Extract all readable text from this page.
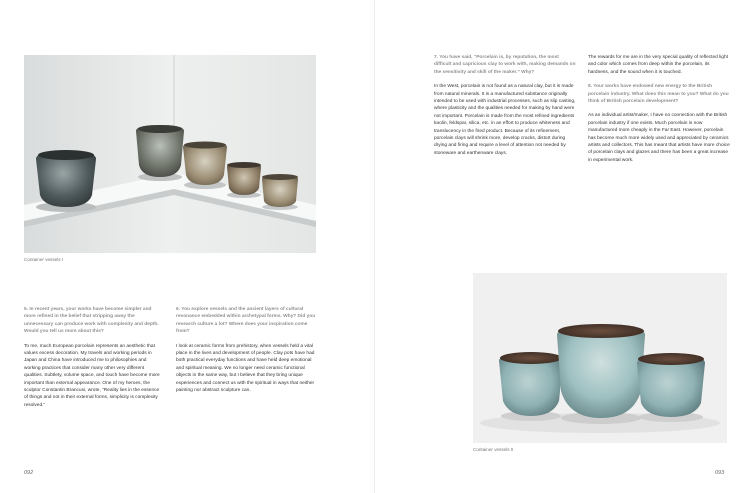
Container vessels I

5. In recent years, your works have become simpler and more refined in the belief that stripping away the unnecessary can produce work with complexity and depth. Would you tell us more about this?

To me, much European porcelain represents an aesthetic that values excess decoration. My travels and working periods in Japan and China have introduced me to philosophies and working practices that consider many other very different qualities. Subtlety, volume space, and touch have become more important than external appearance. One of my heroes, the sculptor Constantin Brancusi, wrote, “Reality lies in the essence of things and not in their external forms, simplicity is complexity resolved.”

6. You explore vessels and the ancient layers of cultural resonance embedded within archetypal forms. Why? Did you research culture a lot? Where does your inspiration come from?

I look at ceramic forms from prehistory, when vessels held a vital place in the lives and development of people. Clay pots have had both practical everyday functions and have held deep emotional and spiritual meaning. We no longer need ceramic functional objects in the same way, but I believe that they bring unique experiences and connect us with the spiritual in ways that neither painting nor abstract sculpture can.

092

7. You have said, “Porcelain is, by reputation, the most difficult and capricious clay to work with, making demands on the sensitivity and skill of the maker.” Why?

In the West, porcelain is not found as a natural clay, but it is made from natural minerals. It is a manufactured substance originally intended to be used with industrial processes, such as slip casting, where plasticity and the qualities needed for making by hand were not important. Porcelain is made from the most refined ingredients kaolin, feldspar, silica, etc. in an effort to produce whiteness and translucency in the fired product. Because of its refinement, porcelain clays will shrink more, develop cracks, distort during drying and firing and require a level of attention not needed by stoneware and earthenware clays.

The rewards for me are in the very special quality of reflected light and color which comes from deep within the porcelain, its hardness, and the sound when it is touched.

8. Your works have endowed new energy to the British porcelain industry. What does this mean to you? What do you think of British porcelain development?

As an individual artist/maker, I have no connection with the British porcelain industry if one exists. Much porcelain is now manufactured more cheaply in the Far East. However, porcelain has become much more widely used and appreciated by ceramics artists and collectors. This has meant that artists have more choice of porcelain clays and glazes and there has been a great increase in experimental work.

093
Container vessels II
